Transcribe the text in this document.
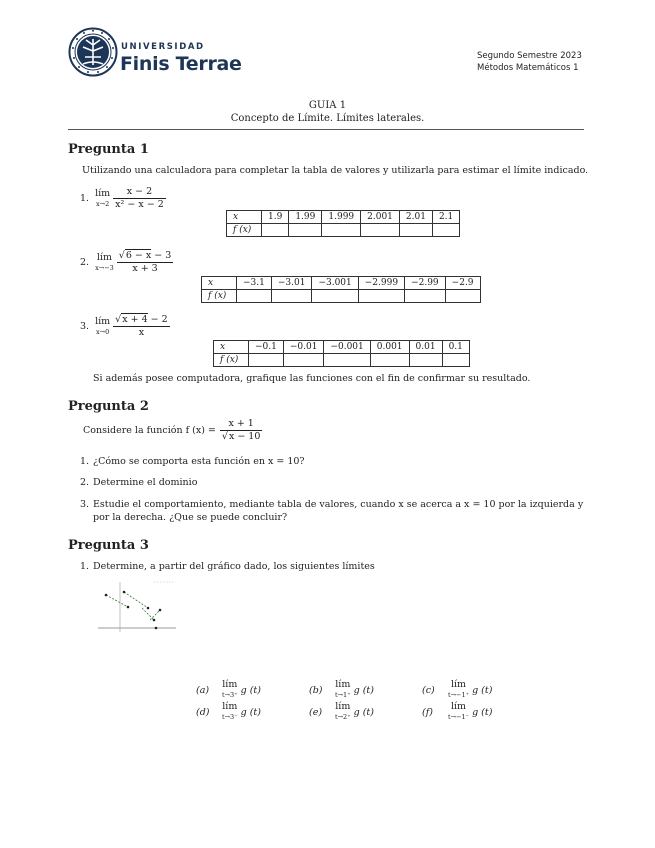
UNIVERSIDAD
Finis Terrae	Segundo Semestre 2023
Métodos Matemáticos 1
GUIA 1
Concepto de Límite. Límites laterales.
Pregunta 1
Utilizando una calculadora para completar la tabla de valores y utilizarla para estimar el límite indicado.
1. lím
$x\to 2 \frac{x - 2}{\text{x² − x − 2}}$
x	1.9	1.99	1.999	2.001	2.01	2.1
f (x)						
2. lím
$x\to-3 \frac{√6 - x - 3}{x + 3}$
x	−3.1	−3.01	−3.001	−2.999	−2.99	−2.9
f (x)						
3. lím
$x\to 0 \frac{√x + 4 - 2}{x}$
x	−0.1	−0.01	−0.001	0.001	0.01	0.1
f (x)						
Si además posee computadora, grafique las funciones con el fin de confirmar su resultado.
Pregunta 2
Considere la función f $(x) = \frac{x + 1}{√x - 10}$
1. ¿Cómo se comporta esta función en x = 10?
2. Determine el dominio
3. Estudie el comportamiento, mediante tabla de valores, cuando x se acerca a x = 10 por la izquierda y por la derecha. ¿Que se puede concluir?
Pregunta 3
1. Determine, a partir del gráfico dado, los siguientes límites
(a)	lím
t→3⁺ g (t)	(b)	lím
t→1⁺ g (t)	(c)	lím
t→−1⁺ g (t)
(d)	lím
t→3⁻ g (t)	(e)	lím
t→2⁺ g (t)	(f)	lím
t→−1⁻ g (t)
